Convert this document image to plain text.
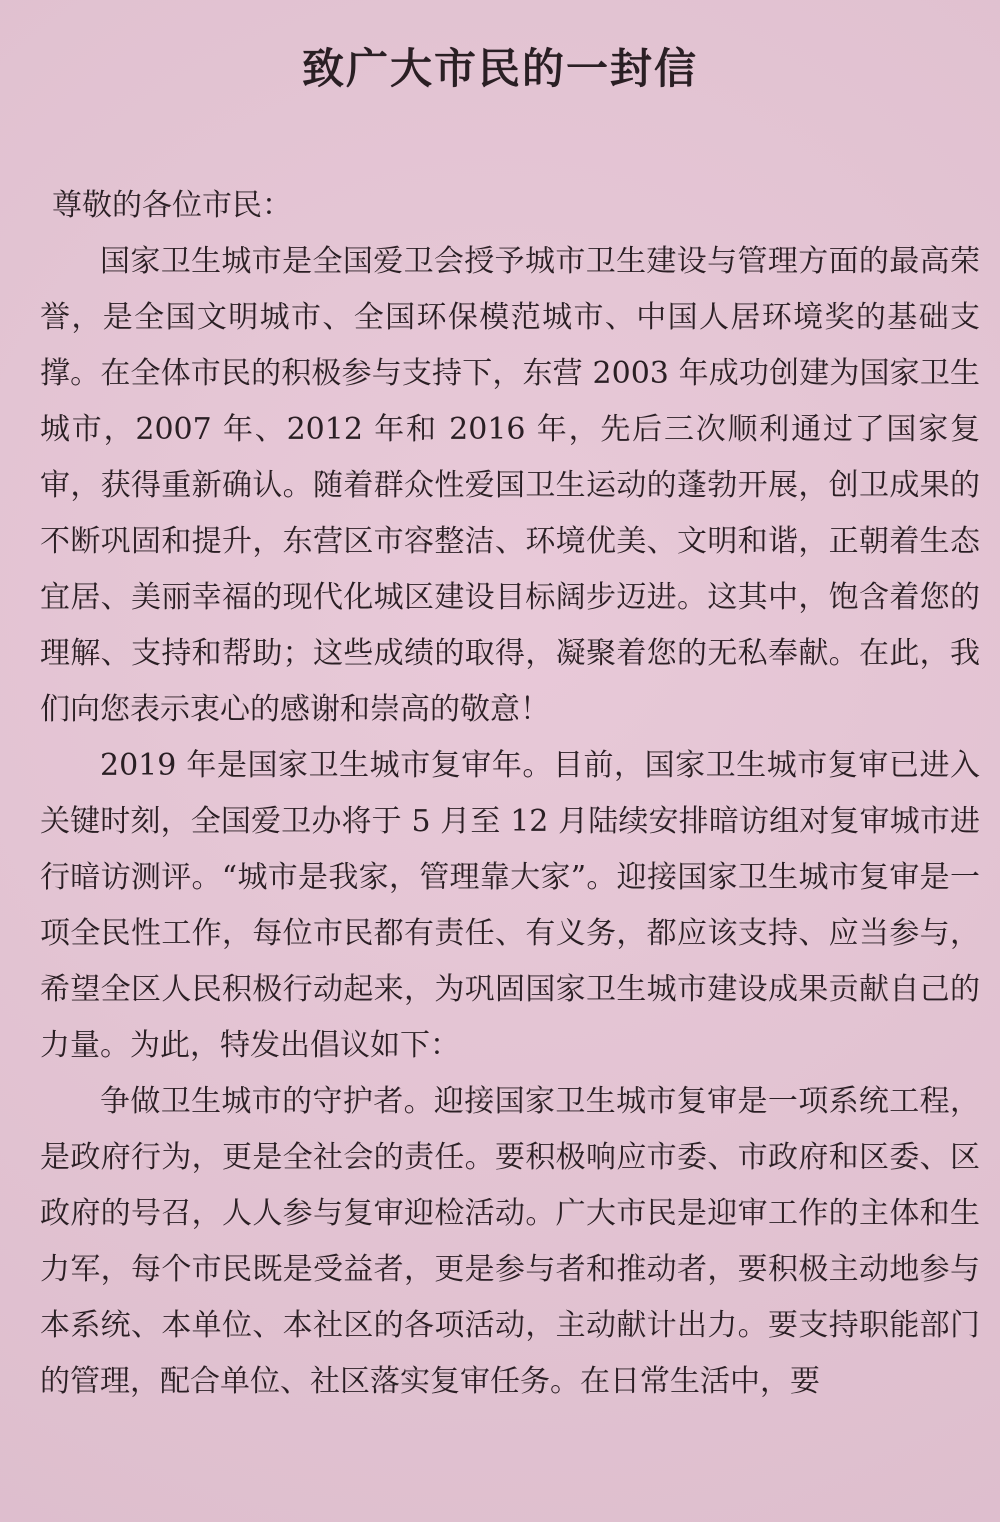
致广大市民的一封信

尊敬的各位市民：

国家卫生城市是全国爱卫会授予城市卫生建设与管理方面的最高荣誉，是全国文明城市、全国环保模范城市、中国人居环境奖的基础支撑。在全体市民的积极参与支持下，东营 2003 年成功创建为国家卫生城市，2007 年、2012 年和 2016 年，先后三次顺利通过了国家复审，获得重新确认。随着群众性爱国卫生运动的蓬勃开展，创卫成果的不断巩固和提升，东营区市容整洁、环境优美、文明和谐，正朝着生态宜居、美丽幸福的现代化城区建设目标阔步迈进。这其中，饱含着您的理解、支持和帮助；这些成绩的取得，凝聚着您的无私奉献。在此，我们向您表示衷心的感谢和崇高的敬意！

2019 年是国家卫生城市复审年。目前，国家卫生城市复审已进入关键时刻，全国爱卫办将于 5 月至 12 月陆续安排暗访组对复审城市进行暗访测评。“城市是我家，管理靠大家”。迎接国家卫生城市复审是一项全民性工作，每位市民都有责任、有义务，都应该支持、应当参与，希望全区人民积极行动起来，为巩固国家卫生城市建设成果贡献自己的力量。为此，特发出倡议如下：

争做卫生城市的守护者。迎接国家卫生城市复审是一项系统工程，是政府行为，更是全社会的责任。要积极响应市委、市政府和区委、区政府的号召，人人参与复审迎检活动。广大市民是迎审工作的主体和生力军，每个市民既是受益者，更是参与者和推动者，要积极主动地参与本系统、本单位、本社区的各项活动，主动献计出力。要支持职能部门的管理，配合单位、社区落实复审任务。在日常生活中，要
